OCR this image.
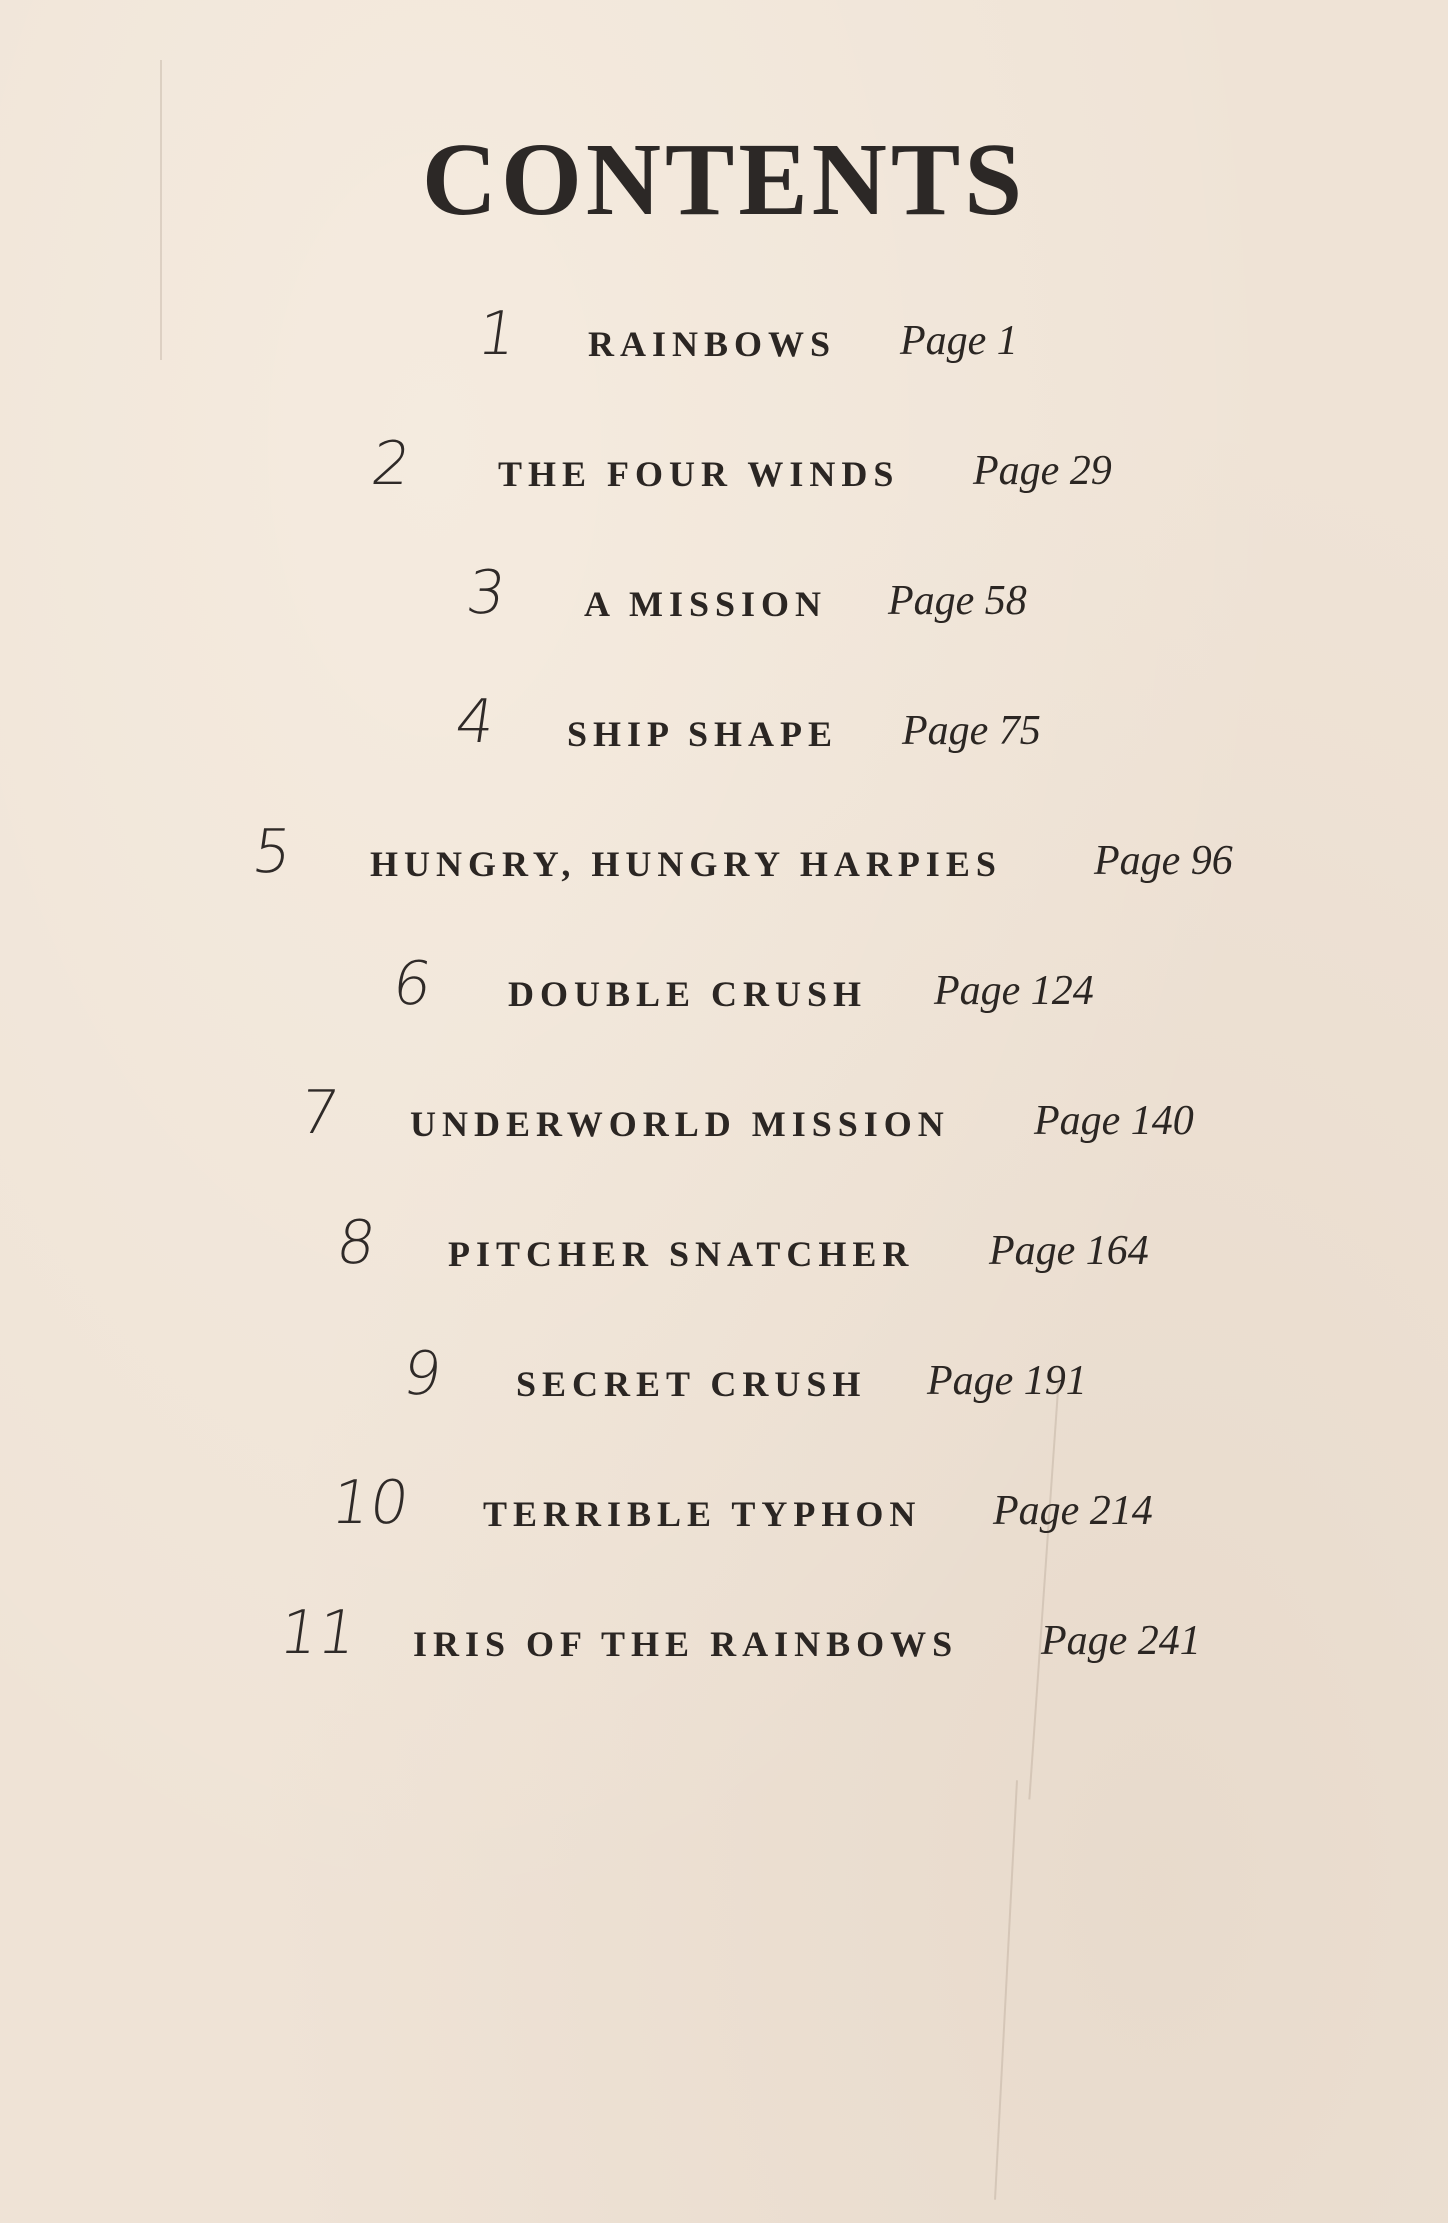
CONTENTS
1 RAINBOWS Page 1
2 THE FOUR WINDS Page 29
3 A MISSION Page 58
4 SHIP SHAPE Page 75
5 HUNGRY, HUNGRY HARPIES Page 96
6 DOUBLE CRUSH Page 124
7 UNDERWORLD MISSION Page 140
8 PITCHER SNATCHER Page 164
9 SECRET CRUSH Page 191
10 TERRIBLE TYPHON Page 214
11 IRIS OF THE RAINBOWS Page 241
